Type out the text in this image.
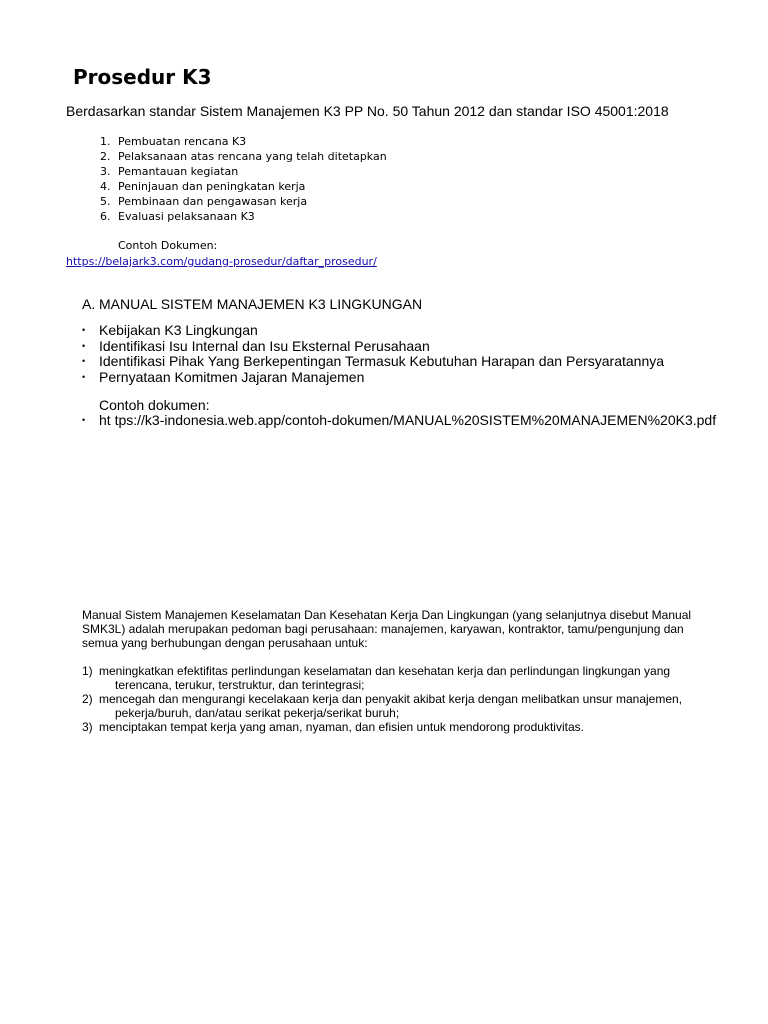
Prosedur K3
Berdasarkan standar Sistem Manajemen K3 PP No. 50 Tahun 2012 dan standar ISO 45001:2018
1. Pembuatan rencana K3
2. Pelaksanaan atas rencana yang telah ditetapkan
3. Pemantauan kegiatan
4. Peninjauan dan peningkatan kerja
5. Pembinaan dan pengawasan kerja
6. Evaluasi pelaksanaan K3
Contoh Dokumen:
https://belajark3.com/gudang-prosedur/daftar_prosedur/
A. MANUAL SISTEM MANAJEMEN K3 LINGKUNGAN
• Kebijakan K3 Lingkungan
• Identifikasi Isu Internal dan Isu Eksternal Perusahaan
• Identifikasi Pihak Yang Berkepentingan Termasuk Kebutuhan Harapan dan Persyaratannya
• Pernyataan Komitmen Jajaran Manajemen
Contoh dokumen:
• ht tps://k3-indonesia.web.app/contoh-dokumen/MANUAL%20SISTEM%20MANAJEMEN%20K3.pdf
Manual Sistem Manajemen Keselamatan Dan Kesehatan Kerja Dan Lingkungan (yang selanjutnya disebut Manual SMK3L) adalah merupakan pedoman bagi perusahaan: manajemen, karyawan, kontraktor, tamu/pengunjung dan semua yang berhubungan dengan perusahaan untuk:
1) meningkatkan efektifitas perlindungan keselamatan dan kesehatan kerja dan perlindungan lingkungan yang
terencana, terukur, terstruktur, dan terintegrasi;
2) mencegah dan mengurangi kecelakaan kerja dan penyakit akibat kerja dengan melibatkan unsur manajemen,
pekerja/buruh, dan/atau serikat pekerja/serikat buruh;
3) menciptakan tempat kerja yang aman, nyaman, dan efisien untuk mendorong produktivitas.
